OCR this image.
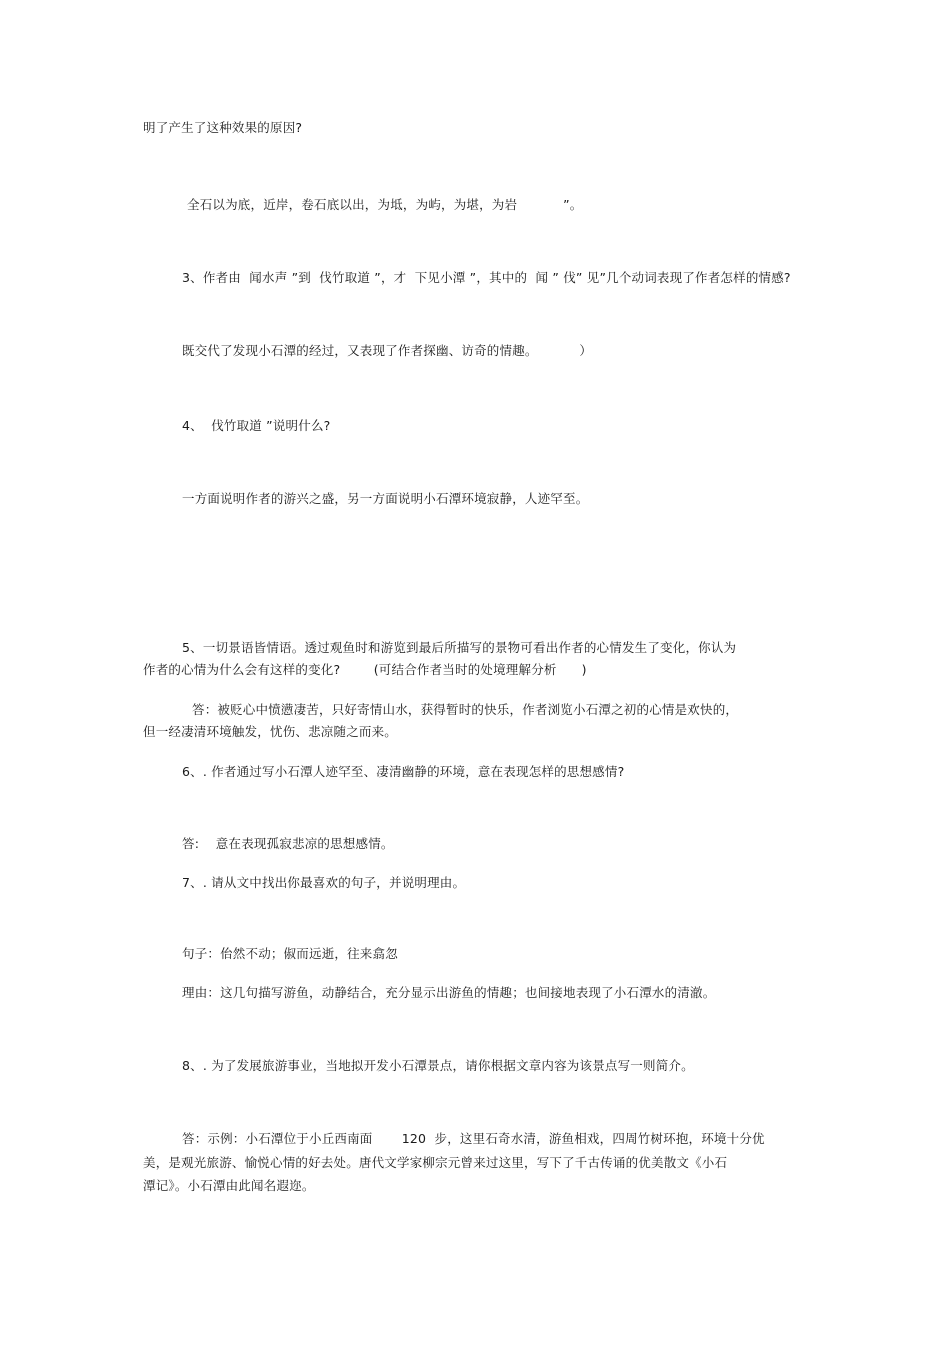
明了产生了这种效果的原因?
全石以为底，近岸，卷石底以出，为坻，为屿，为堪，为岩           ”。
3、作者由  闻水声 ”到  伐竹取道 ”，才  下见小潭 ”，其中的  闻 ” 伐” 见”几个动词表现了作者怎样的情感?
既交代了发现小石潭的经过，又表现了作者探幽、访奇的情趣。          ）
4、  伐竹取道 ”说明什么?
一方面说明作者的游兴之盛，另一方面说明小石潭环境寂静，人迹罕至。
5、一切景语皆情语。透过观鱼时和游览到最后所描写的景物可看出作者的心情发生了变化，你认为
作者的心情为什么会有这样的变化?        (可结合作者当时的处境理解分析      )
答：被贬心中愤懑凄苦，只好寄情山水，获得暂时的快乐，作者浏览小石潭之初的心情是欢快的，
但一经凄清环境触发，忧伤、悲凉随之而来。
6、. 作者通过写小石潭人迹罕至、凄清幽静的环境，意在表现怎样的思想感情?
答:    意在表现孤寂悲凉的思想感情。
7、. 请从文中找出你最喜欢的句子，并说明理由。
句子：佁然不动；俶而远逝，往来翕忽
理由：这几句描写游鱼，动静结合，充分显示出游鱼的情趣；也间接地表现了小石潭水的清澈。
8、. 为了发展旅游事业，当地拟开发小石潭景点，请你根据文章内容为该景点写一则简介。
答：示例：小石潭位于小丘西南面       120  步，这里石奇水清，游鱼相戏，四周竹树环抱，环境十分优
美，是观光旅游、愉悦心情的好去处。唐代文学家柳宗元曾来过这里，写下了千古传诵的优美散文《小石
潭记》。小石潭由此闻名遐迩。
